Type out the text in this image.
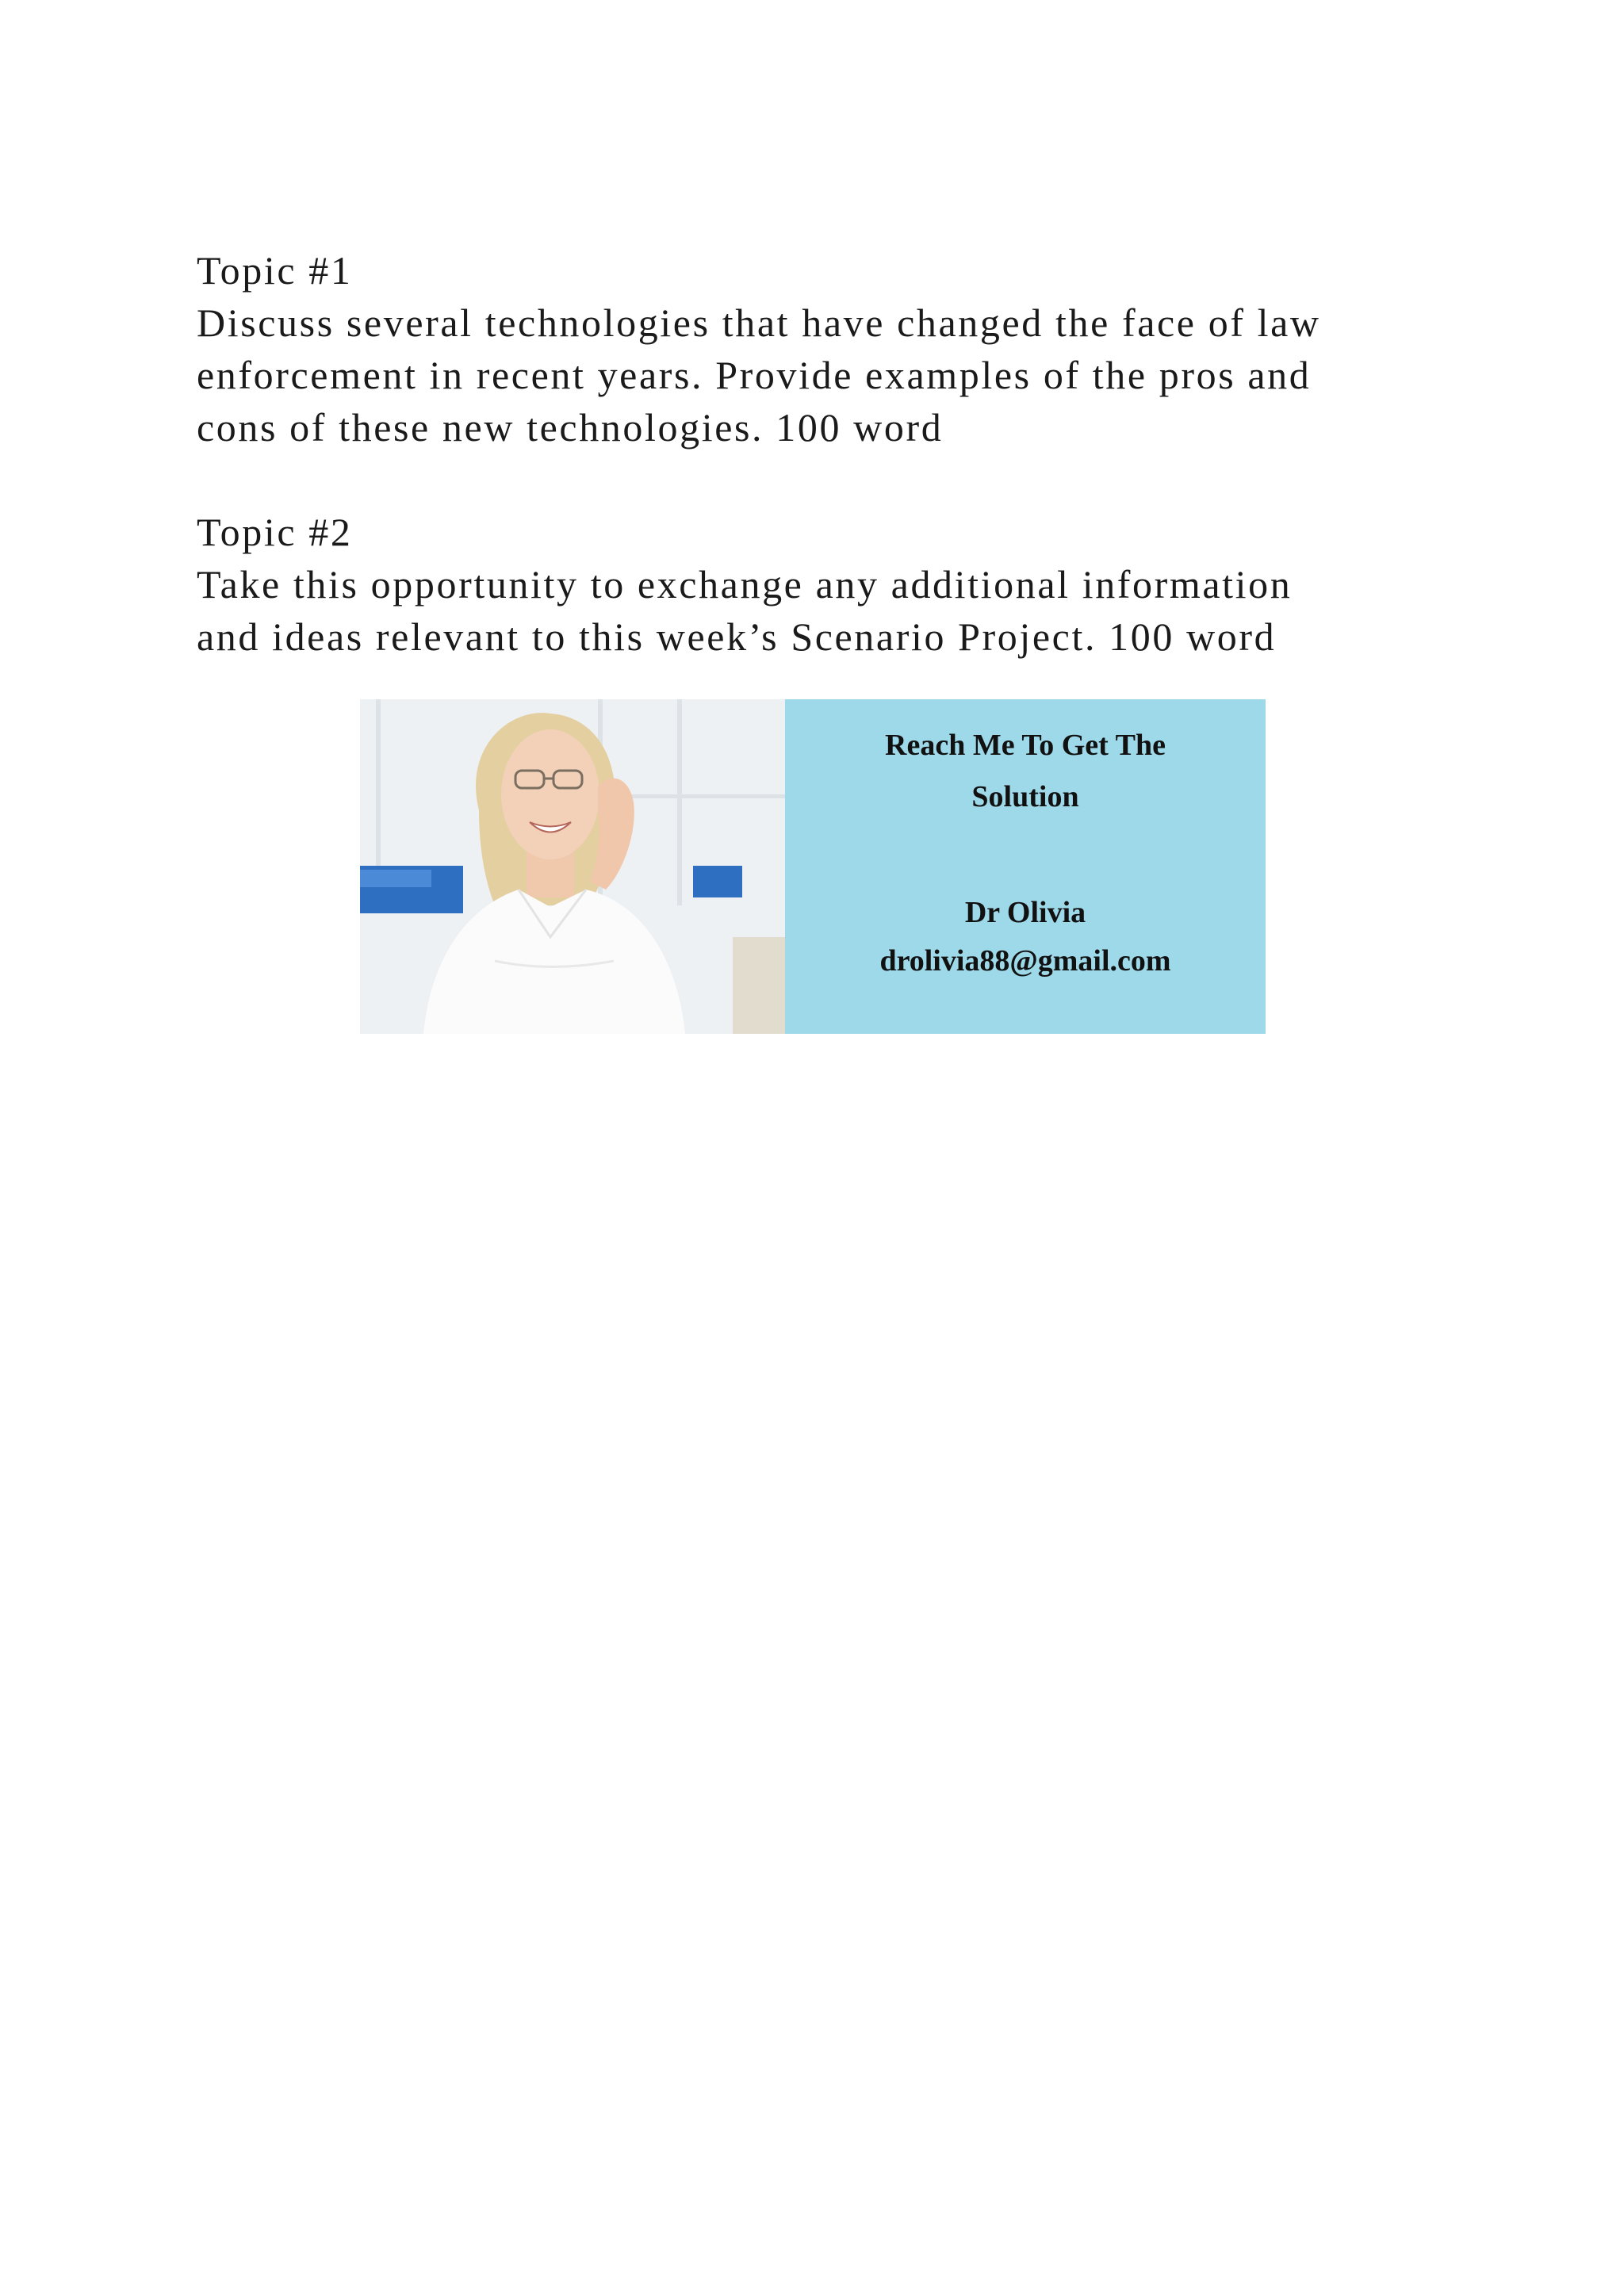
Topic #1

Discuss several technologies that have changed the face of law

enforcement in recent years. Provide examples of the pros and

cons of these new technologies. 100 word

Topic #2

Take this opportunity to exchange any additional information

and ideas relevant to this week’s Scenario Project. 100 word

Reach Me To Get The
Solution
Dr Olivia
drolivia88@gmail.com
